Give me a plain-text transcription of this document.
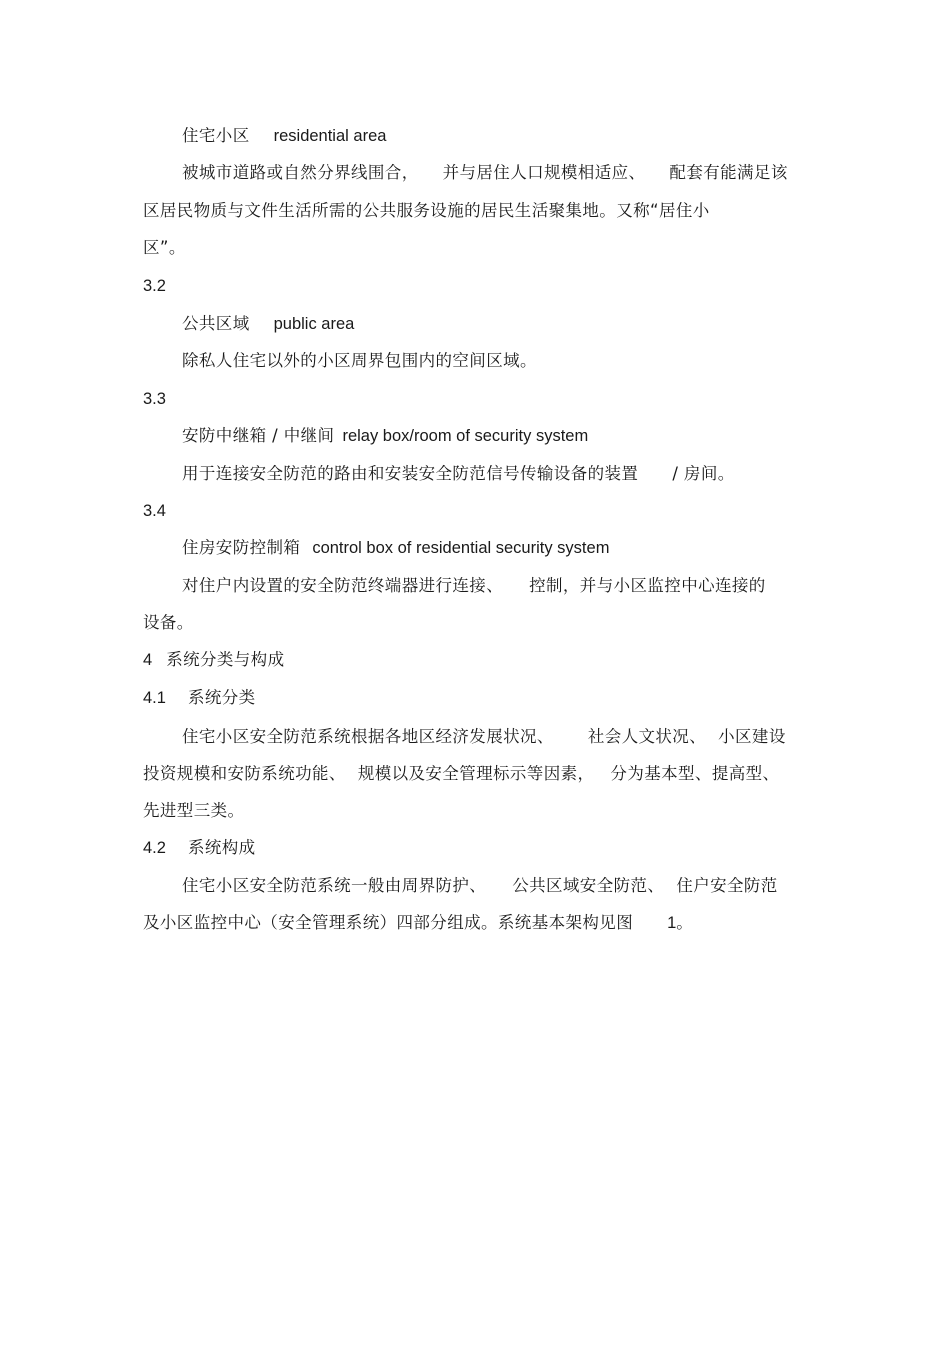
住宅小区 residential area
被城市道路或自然分界线围合， 并与居住人口规模相适应、 配套有能满足该
区居民物质与文件生活所需的公共服务设施的居民生活聚集地。又称“居住小
区”。
3.2
公共区域 public area
除私人住宅以外的小区周界包围内的空间区域。
3.3
安防中继箱 / 中继间 relay box/room of security system
用于连接安全防范的路由和安装安全防范信号传输设备的装置 / 房间。
3.4
住房安防控制箱 control box of residential security system
对住户内设置的安全防范终端器进行连接、 控制，并与小区监控中心连接的
设备。
4 系统分类与构成
4.1 系统分类
住宅小区安全防范系统根据各地区经济发展状况、 社会人文状况、 小区建设
投资规模和安防系统功能、 规模以及安全管理标示等因素， 分为基本型、提高型、
先进型三类。
4.2 系统构成
住宅小区安全防范系统一般由周界防护、 公共区域安全防范、 住户安全防范
及小区监控中心（安全管理系统）四部分组成。系统基本架构见图 1。
